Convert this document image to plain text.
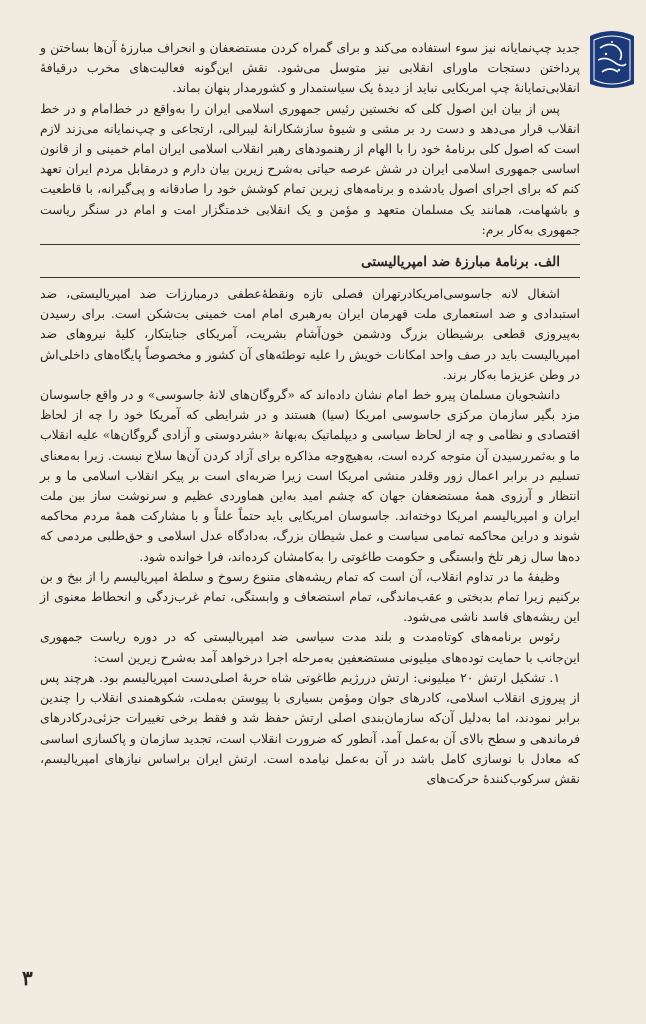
جدید چپ‌نمایانه نیز سوء استفاده می‌کند و برای گمراه کردن مستضعفان و انحراف مبارزهٔ آن‌ها بساختن و پرداختن دستجات ماورای انقلابی نیز متوسل می‌شود. نقش این‌گونه فعالیت‌های مخرب درقیافهٔ انقلابی‌نمایانهٔ چپ امریکایی نباید از دیدهٔ یک سیاستمدار و کشورمدار پنهان بماند.

پس از بیان این اصول کلی که نخستین رئیس جمهوری اسلامی ایران را به‌واقع در خط‌امام و در خط انقلاب قرار می‌دهد و دست رد بر مشی و شیوهٔ سازشکارانهٔ لیبرالی، ارتجاعی و چپ‌نمایانه می‌زند لازم است که اصول کلی برنامهٔ خود را با الهام از رهنمودهای رهبر انقلاب اسلامی ایران امام خمینی و از قانون اساسی جمهوری اسلامی ایران در شش عرصه حیاتی به‌شرح زیرین بیان دارم و درمقابل مردم ایران تعهد کنم که برای اجرای اصول یادشده و برنامه‌های زیرین تمام کوشش خود را صادقانه و پی‌گیرانه، با قاطعیت و باشهامت، همانند یک مسلمان متعهد و مؤمن و یک انقلابی خدمتگزار امت و امام در سنگر ریاست جمهوری به‌کار برم:

الف. برنامهٔ مبارزهٔ ضد امپریالیستی

اشغال لانه جاسوسی‌امریکادرتهران فصلی تازه ونقطهٔ‌عطفی درمبارزات ضد امپریالیستی، ضد استبدادی و ضد استعماری ملت قهرمان ایران به‌رهبری امام امت خمینی بت‌شکن است. برای رسیدن به‌پیروزی قطعی برشیطان بزرگ ودشمن خون‌آشام بشریت، آمریکای جنایتکار، کلیهٔ نیروهای ضد امپریالیست باید در صف واحد امکانات خویش را علیه توطئه‌های آن کشور و مخصوصاً پایگاه‌های داخلی‌اش در وطن عزیزما به‌کار برند.

دانشجویان مسلمان پیرو خط امام نشان داده‌اند که «گروگان‌های لانهٔ جاسوسی» و در واقع جاسوسان مزد بگیر سازمان مرکزی جاسوسی امریکا (سیا) هستند و در شرایطی که آمریکا خود را چه از لحاظ اقتصادی و نظامی و چه از لحاظ سیاسی و دیپلماتیک به‌بهانهٔ «بشردوستی و آزادی گروگان‌ها» علیه انقلاب ما و به‌ثمررسیدن آن متوجه کرده است، به‌هیچ‌وجه مذاکره برای آزاد کردن آن‌ها سلاح نیست. زیرا به‌معنای تسلیم در برابر اعمال زور وقلدر منشی امریکا است زیرا ضربه‌ای است بر پیکر انقلاب اسلامی ما و بر انتظار و آرزوی همهٔ مستضعفان جهان که چشم امید به‌این هماوردی عظیم و سرنوشت ساز بین ملت ایران و امپریالیسم امریکا دوخته‌اند. جاسوسان امریکایی باید حتماً علناً و با مشارکت همهٔ مردم محاکمه شوند و دراین محاکمه تمامی سیاست و عمل شیطان بزرگ، به‌دادگاه عدل اسلامی و حق‌طلبی مردمی که ده‌ها سال زهر تلخ وابستگی و حکومت طاغوتی را به‌کامشان کرده‌اند، فرا خوانده شود.

وظیفهٔ ما در تداوم انقلاب، آن است که تمام ریشه‌های متنوع رسوخ و سلطهٔ امپریالیسم را از بیخ و بن برکنیم زیرا تمام بدبختی و عقب‌ماندگی، تمام استضعاف و وابستگی، تمام غرب‌زدگی و انحطاط معنوی از این ریشه‌های فاسد ناشی می‌شود.

رئوس برنامه‌های کوتاه‌مدت و بلند مدت سیاسی ضد امپریالیستی که در دوره ریاست جمهوری این‌جانب با حمایت توده‌های میلیونی مستضعفین به‌مرحله اجرا درخواهد آمد به‌شرح زیرین است:

۱. تشکیل ارتش ۲۰ میلیونی: ارتش دررژیم طاغوتی شاه حربهٔ اصلی‌دست امپریالیسم بود. هرچند پس از پیروزی انقلاب اسلامی، کادرهای جوان ومؤمن بسیاری با پیوستن به‌ملت، شکوهمندی انقلاب را چندین برابر نمودند، اما به‌دلیل آن‌که سازمان‌بندی اصلی ارتش حفظ شد و فقط برخی تغییرات جزئی‌درکادرهای فرماندهی و سطح بالای آن به‌عمل آمد، آنطور که ضرورت انقلاب است، تجدید سازمان و پاکسازی اساسی که معادل با نوسازی کامل باشد در آن به‌عمل نیامده است. ارتش ایران براساس نیازهای امپریالیسم، نقش سرکوب‌کنندهٔ حرکت‌های

۳
